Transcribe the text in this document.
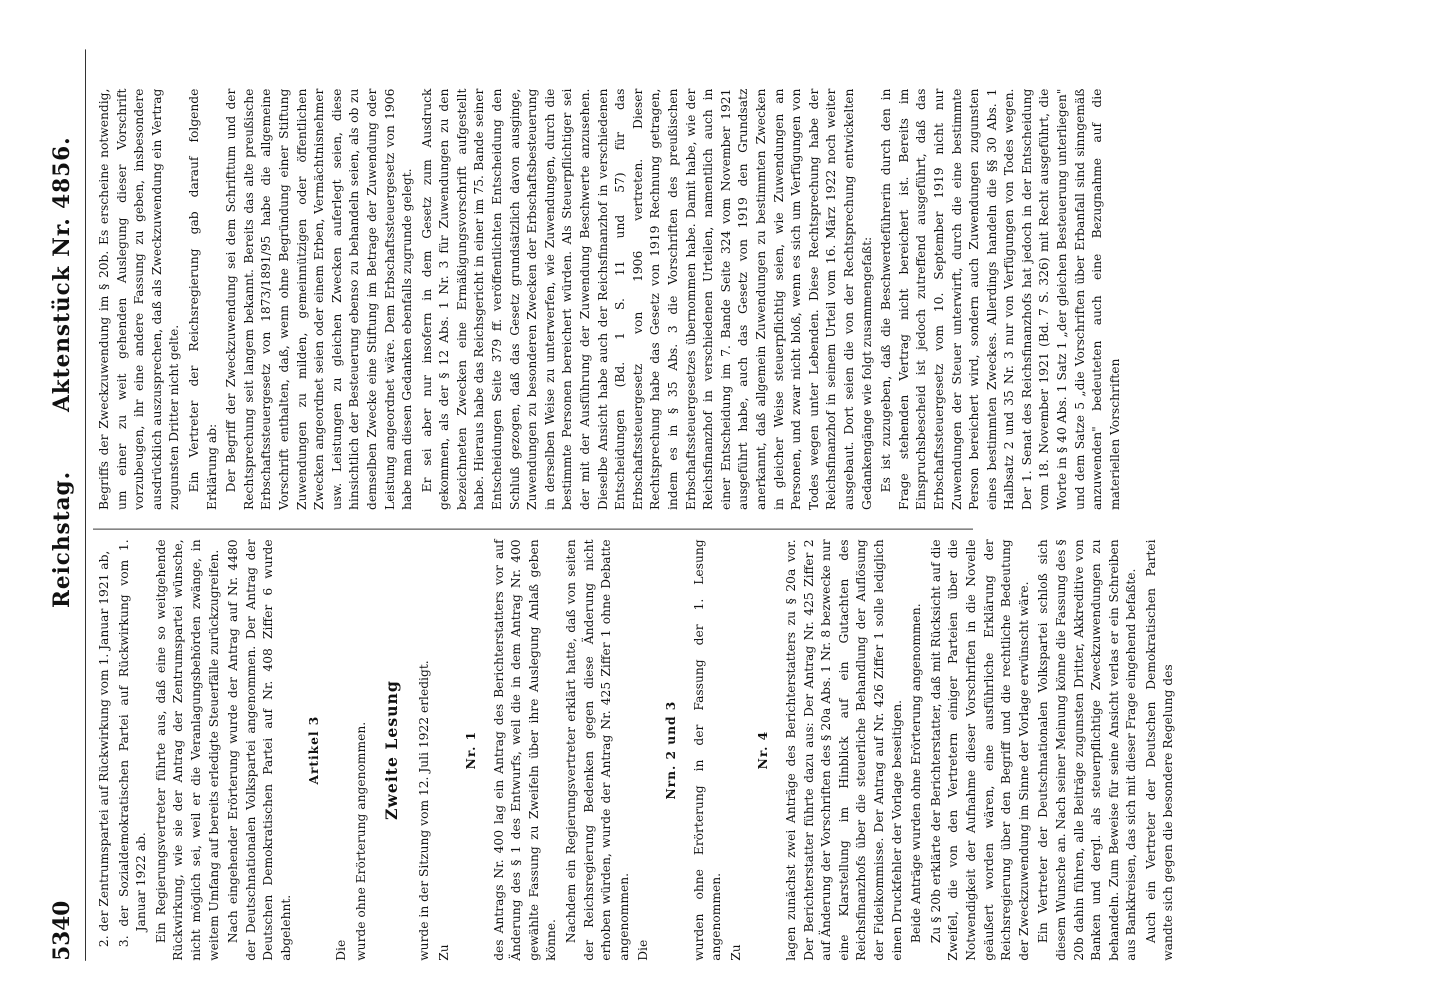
5340
Reichstag.
Aktenstück Nr. 4856.

2. der Zentrumspartei auf Rückwirkung vom 1. Januar 1921 ab, 3. der Sozialdemokratischen Partei auf Rückwirkung vom 1. Januar 1922 ab. Ein Regierungsvertreter führte aus, daß eine so weitgehende Rückwirkung, wie sie der Antrag der Zentrumspartei wünsche, nicht möglich sei, weil er die Veranlagungsbehörden zwänge, in weitem Umfang auf bereits erledigte Steuerfälle zurückzugreifen. Nach eingehender Erörterung wurde der Antrag auf Nr. 4480 der Deutschnationalen Volkspartei angenommen. Der Antrag der Deutschen Demokratischen Partei auf Nr. 408 Ziffer 6 wurde abgelehnt.

Artikel 3

Die wurde ohne Erörterung angenommen. Zweite Lesung wurde in der Sitzung vom 12. Juli 1922 erledigt. Zu

Nr. 1 des Antrags Nr. 400 lag ein Antrag des Berichterstatters vor auf Änderung des § 1 des Entwurfs, weil die in dem Antrag Nr. 400 gewählte Fassung zu Zweifeln über ihre Auslegung Anlaß geben könne. Nachdem ein Regierungsvertreter erklärt hatte, daß von seiten der Reichsregierung Bedenken gegen diese Änderung nicht erhoben würden, wurde der Antrag Nr. 425 Ziffer 1 ohne Debatte angenommen. Die

Nrn. 2 und 3 wurden ohne Erörterung in der Fassung der 1. Lesung angenommen. Zu

Nr. 4 lagen zunächst zwei Anträge des Berichterstatters zu § 20a vor. Der Berichterstatter führte dazu aus: Der Antrag Nr. 425 Ziffer 2 auf Änderung der Vorschriften des § 20a Abs. 1 Nr. 8 bezwecke nur eine Klarstellung im Hinblick auf ein Gutachten des Reichsfinanzhofs über die steuerliche Behandlung der Auflösung der Fideikommisse. Der Antrag auf Nr. 426 Ziffer 1 solle lediglich einen Druckfehler der Vorlage beseitigen. Beide Anträge wurden ohne Erörterung angenommen. Zu § 20b erklärte der Berichterstatter, daß mit Rücksicht auf die Zweifel, die von den Vertretern einiger Parteien über die Notwendigkeit der Aufnahme dieser Vorschriften in die Novelle geäußert worden wären, eine ausführliche Erklärung der Reichsregierung über den Begriff und die rechtliche Bedeutung der Zweckzuwendung im Sinne der Vorlage erwünscht wäre. Ein Vertreter der Deutschnationalen Volkspartei schloß sich diesem Wunsche an. Nach seiner Meinung könne die Fassung des § 20b dahin führen, alle Beiträge zugunsten Dritter, Akkreditive von Banken und dergl. als steuerpflichtige Zweckzuwendungen zu behandeln. Zum Beweise für seine Ansicht verlas er ein Schreiben aus Bankkreisen, das sich mit dieser Frage eingehend befaßte. Auch ein Vertreter der Deutschen Demokratischen Partei wandte sich gegen die besondere Regelung des

Begriffs der Zweckzuwendung im § 20b. Es erscheine notwendig, um einer zu weit gehenden Auslegung dieser Vorschrift vorzubeugen, ihr eine andere Fassung zu geben, insbesondere ausdrücklich auszusprechen, daß als Zweckzuwendung ein Vertrag zugunsten Dritter nicht gelte. Ein Vertreter der Reichsregierung gab darauf folgende Erklärung ab: Der Begriff der Zweckzuwendung sei dem Schrifttum und der Rechtsprechung seit langem bekannt. Bereits das alte preußische Erbschaftssteuergesetz von 1873/1891/95 habe die allgemeine Vorschrift enthalten, daß, wenn ohne Begründung einer Stiftung Zuwendungen zu milden, gemeinnützigen oder öffentlichen Zwecken angeordnet seien oder einem Erben, Vermächtnisnehmer usw. Leistungen zu gleichen Zwecken auferlegt seien, diese hinsichtlich der Besteuerung ebenso zu behandeln seien, als ob zu demselben Zwecke eine Stiftung im Betrage der Zuwendung oder Leistung angeordnet wäre. Dem Erbschaftssteuergesetz von 1906 habe man diesen Gedanken ebenfalls zugrunde gelegt. Er sei aber nur insofern in dem Gesetz zum Ausdruck gekommen, als der § 12 Abs. 1 Nr. 3 für Zuwendungen zu den bezeichneten Zwecken eine Ermäßigungsvorschrift aufgestellt habe. Hieraus habe das Reichsgericht in einer im 75. Bande seiner Entscheidungen Seite 379 ff. veröffentlichten Entscheidung den Schluß gezogen, daß das Gesetz grundsätzlich davon ausginge, Zuwendungen zu besonderen Zwecken der Erbschaftsbesteuerung in derselben Weise zu unterwerfen, wie Zuwendungen, durch die bestimmte Personen bereichert würden. Als Steuerpflichtiger sei der mit der Ausführung der Zuwendung Beschwerte anzusehen. Dieselbe Ansicht habe auch der Reichsfinanzhof in verschiedenen Entscheidungen (Bd. 1 S. 11 und 57) für das Erbschaftssteuergesetz von 1906 vertreten. Dieser Rechtsprechung habe das Gesetz von 1919 Rechnung getragen, indem es in § 35 Abs. 3 die Vorschriften des preußischen Erbschaftssteuergesetzes übernommen habe. Damit habe, wie der Reichsfinanzhof in verschiedenen Urteilen, namentlich auch in einer Entscheidung im 7. Bande Seite 324 vom November 1921 ausgeführt habe, auch das Gesetz von 1919 den Grundsatz anerkannt, daß allgemein Zuwendungen zu bestimmten Zwecken in gleicher Weise steuerpflichtig seien, wie Zuwendungen an Personen, und zwar nicht bloß, wenn es sich um Verfügungen von Todes wegen unter Lebenden. Diese Rechtsprechung habe der Reichsfinanzhof in seinem Urteil vom 16. März 1922 noch weiter ausgebaut. Dort seien die von der Rechtsprechung entwickelten Gedankengänge wie folgt zusammengefaßt: Es ist zuzugeben, daß die Beschwerdeführerin durch den in Frage stehenden Vertrag nicht bereichert ist. Bereits im Einspruchsbescheid ist jedoch zutreffend ausgeführt, daß das Erbschaftssteuergesetz vom 10. September 1919 nicht nur Zuwendungen der Steuer unterwirft, durch die eine bestimmte Person bereichert wird, sondern auch Zuwendungen zugunsten eines bestimmten Zweckes. Allerdings handeln die §§ 30 Abs. 1 Halbsatz 2 und 35 Nr. 3 nur von Verfügungen von Todes wegen. Der 1. Senat des Reichsfinanzhofs hat jedoch in der Entscheidung vom 18. November 1921 (Bd. 7 S. 326) mit Recht ausgeführt, die Worte in § 40 Abs. 1 Satz 1 „der gleichen Besteuerung unterliegen" und dem Satze 5 „die Vorschriften über Erbanfall sind sinngemäß anzuwenden" bedeuteten auch eine Bezugnahme auf die materiellen Vorschriften
